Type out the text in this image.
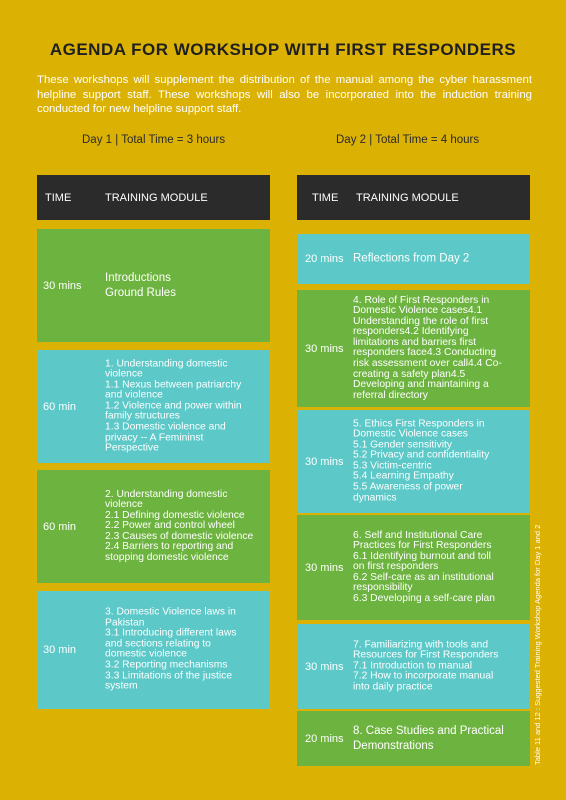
AGENDA FOR WORKSHOP WITH FIRST RESPONDERS
These workshops will supplement the distribution of the manual among the cyber harassment helpline support staff. These workshops will also be incorporated into the induction training conducted for new helpline support staff.
Day 1 | Total Time = 3 hours	Day 2 | Total Time = 4 hours
TIME	TRAINING MODULE
30 mins
Introductions
Ground Rules
60 min
1. Understanding domestic
violence
1.1 Nexus between patriarchy
and violence
1.2 Violence and power within
family structures
1.3 Domestic violence and
privacy -- A Femininst
Perspective
60 min
2. Understanding domestic
violence
2.1 Defining domestic violence
2.2 Power and control wheel
2.3 Causes of domestic violence
2.4 Barriers to reporting and
stopping domestic violence
30 min
3. Domestic Violence laws in
Pakistan
3.1 Introducing different laws
and sections relating to
domestic violence
3.2 Reporting mechanisms
3.3 Limitations of the justice
system
TIME TRAINING MODULE
20 mins Reflections from Day 2
30 mins
4. Role of First Responders in
Domestic Violence cases4.1
Understanding the role of first
responders4.2 Identifying
limitations and barriers first
responders face4.3 Conducting
risk assessment over call4.4 Co-
creating a safety plan4.5
Developing and maintaining a
referral directory
30 mins
5. Ethics First Responders in
Domestic Violence cases
5.1 Gender sensitivity
5.2 Privacy and confidentiality
5.3 Victim-centric
5.4 Learning Empathy
5.5 Awareness of power
dynamics
30 mins
6. Self and Institutional Care
Practices for First Responders
6.1 Identifying burnout and toll
on first responders
6.2 Self-care as an institutional
responsibility
6.3 Developing a self-care plan
30 mins
7. Familiarizing with tools and
Resources for First Responders
7.1 Introduction to manual
7.2 How to incorporate manual
into daily practice
20 mins
8. Case Studies and Practical
Demonstrations	Table 11 and 12 : Suggested Training Workshop Agenda for Day 1 and 2
